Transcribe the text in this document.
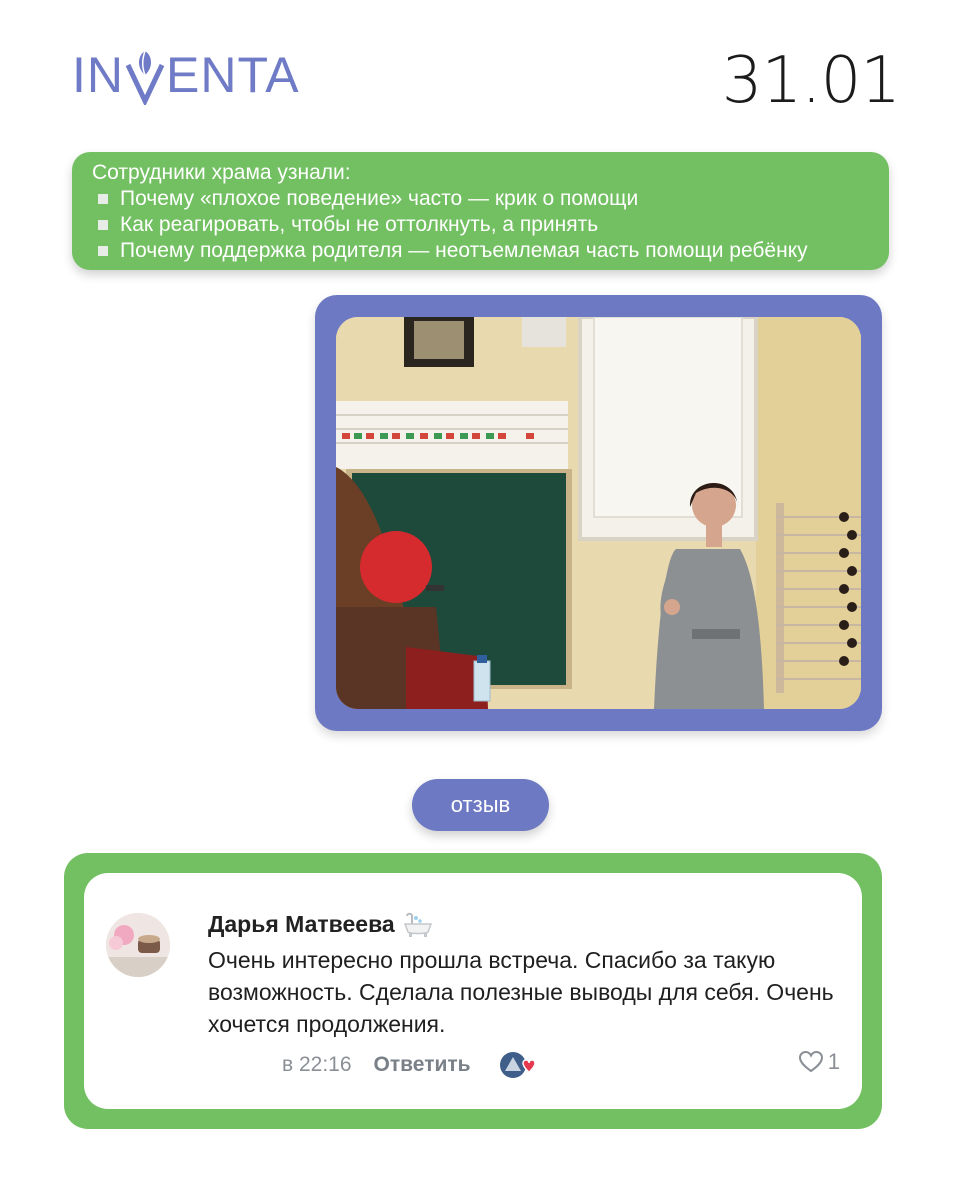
IN ENTA	31.01
Сотрудники храма узнали:
Почему «плохое поведение» часто — крик о помощи
Как реагировать, чтобы не оттолкнуть, а принять
Почему поддержка родителя — неотъемлемая часть помощи ребёнку
отзыв
Дарья Матвеева
Очень интересно прошла встреча. Спасибо за такую возможность. Сделала полезные выводы для себя. Очень хочется продолжения.
в 22:16 Ответить	1
